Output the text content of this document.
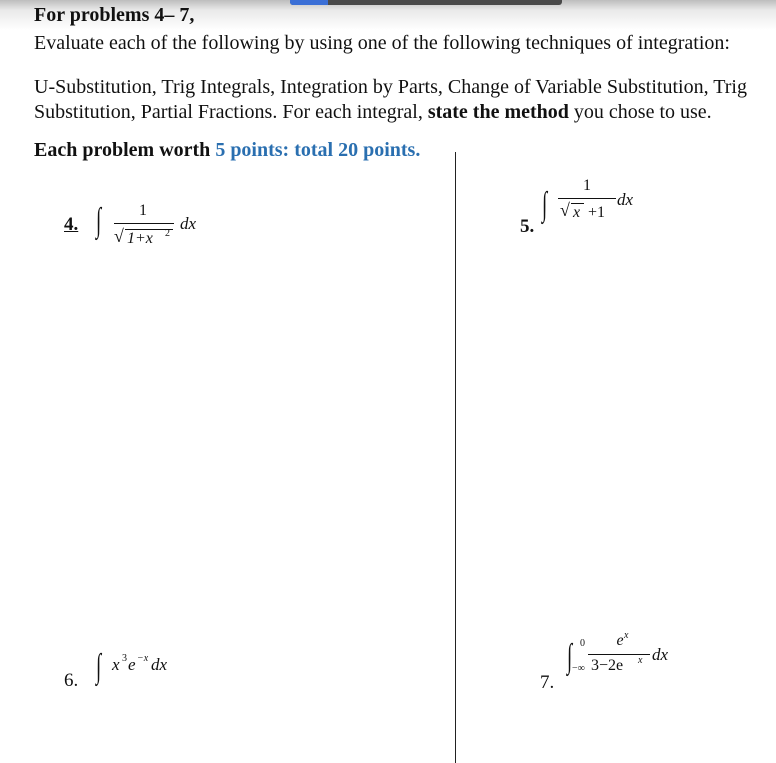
For problems 4– 7,
Evaluate each of the following by using one of the following techniques of integration:
U-Substitution, Trig Integrals, Integration by Parts, Change of Variable Substitution, Trig
Substitution, Partial Fractions. For each integral, state the method you chose to use.
Each problem worth 5 points: total 20 points.
4. ∫ 1
√ 1+x 2
dx	5.
∫
1
√ x +1
dx
6. ∫ x 3 e −x dx
7.
∫ 0
−∞
e x
3−2e x dx
